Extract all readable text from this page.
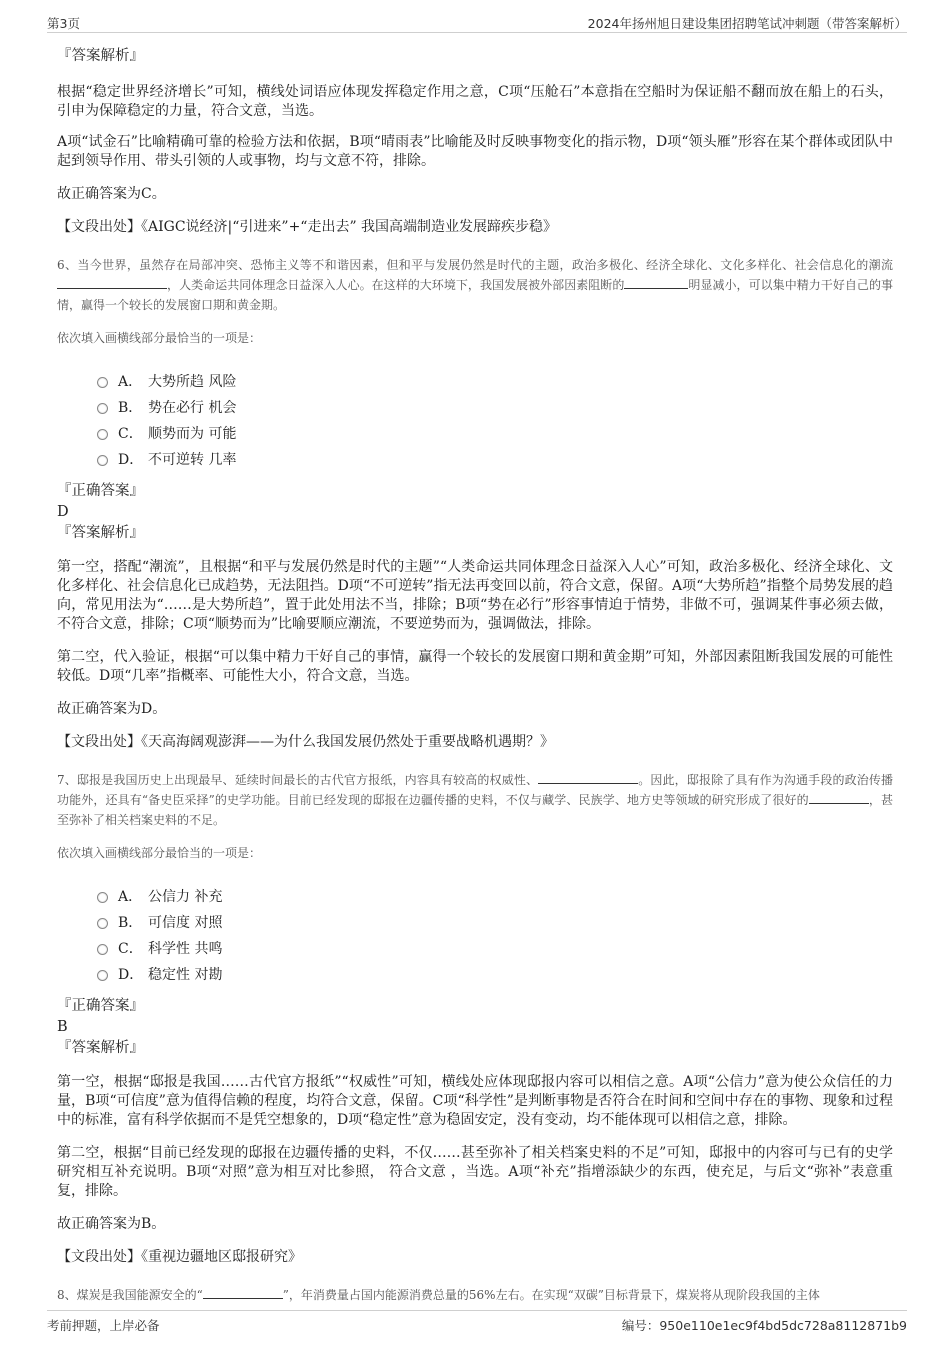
第3页	2024年扬州旭日建设集团招聘笔试冲刺题（带答案解析）

『答案解析』

根据“稳定世界经济增长”可知，横线处词语应体现发挥稳定作用之意，C项“压舱石”本意指在空船时为保证船不翻而放在船上的石头，引申为保障稳定的力量，符合文意，当选。

A项“试金石”比喻精确可靠的检验方法和依据，B项“晴雨表”比喻能及时反映事物变化的指示物，D项“领头雁”形容在某个群体或团队中起到领导作用、带头引领的人或事物，均与文意不符，排除。

故正确答案为C。

【文段出处】《AIGC说经济|“引进来”+“走出去” 我国高端制造业发展蹄疾步稳》

6、当今世界，虽然存在局部冲突、恐怖主义等不和谐因素，但和平与发展仍然是时代的主题，政治多极化、经济全球化、文化多样化、社会信息化的潮流，人类命运共同体理念日益深入人心。在这样的大环境下，我国发展被外部因素阻断的	明显减小，可以集中精力干好自己的事情，赢得一个较长的发展窗口期和黄金期。

依次填入画横线部分最恰当的一项是：

A． 大势所趋 风险
B． 势在必行 机会
C． 顺势而为 可能
D． 不可逆转 几率

『正确答案』

D

『答案解析』

第一空，搭配“潮流”，且根据“和平与发展仍然是时代的主题”“人类命运共同体理念日益深入人心”可知，政治多极化、经济全球化、文化多样化、社会信息化已成趋势，无法阻挡。D项“不可逆转”指无法再变回以前，符合文意，保留。A项“大势所趋”指整个局势发展的趋向，常见用法为“……是大势所趋”，置于此处用法不当，排除；B项“势在必行”形容事情迫于情势，非做不可，强调某件事必须去做，不符合文意，排除；C项“顺势而为”比喻要顺应潮流，不要逆势而为，强调做法，排除。

第二空，代入验证，根据“可以集中精力干好自己的事情，赢得一个较长的发展窗口期和黄金期”可知，外部因素阻断我国发展的可能性较低。D项“几率”指概率、可能性大小，符合文意，当选。

故正确答案为D。

【文段出处】《天高海阔观澎湃——为什么我国发展仍然处于重要战略机遇期？》

7、邸报是我国历史上出现最早、延续时间最长的古代官方报纸，内容具有较高的权威性、	。因此，邸报除了具有作为沟通手段的政治传播功能外，还具有“备史臣采择”的史学功能。目前已经发现的邸报在边疆传播的史料，不仅与藏学、民族学、地方史等领域的研究形成了很好的	，甚至弥补了相关档案史料的不足。

依次填入画横线部分最恰当的一项是：

A． 公信力 补充
B． 可信度 对照
C． 科学性 共鸣
D． 稳定性 对勘

『正确答案』

B

『答案解析』

第一空，根据“邸报是我国……古代官方报纸”“权威性”可知，横线处应体现邸报内容可以相信之意。A项“公信力”意为使公众信任的力量，B项“可信度”意为值得信赖的程度，均符合文意，保留。C项“科学性”是判断事物是否符合在时间和空间中存在的事物、现象和过程中的标准，富有科学依据而不是凭空想象的，D项“稳定性”意为稳固安定，没有变动，均不能体现可以相信之意，排除。

第二空，根据“目前已经发现的邸报在边疆传播的史料，不仅……甚至弥补了相关档案史料的不足”可知，邸报中的内容可与已有的史学研究相互补充说明。B项“对照”意为相互对比参照， 符合文意 ，当选。A项“补充”指增添缺少的东西，使充足，与后文“弥补”表意重复，排除。

故正确答案为B。

【文段出处】《重视边疆地区邸报研究》

8、煤炭是我国能源安全的“	”，年消费量占国内能源消费总量的56%左右。在实现“双碳”目标背景下，煤炭将从现阶段我国的主体

考前押题，上岸必备	编号：950e110e1ec9f4bd5dc728a8112871b9
